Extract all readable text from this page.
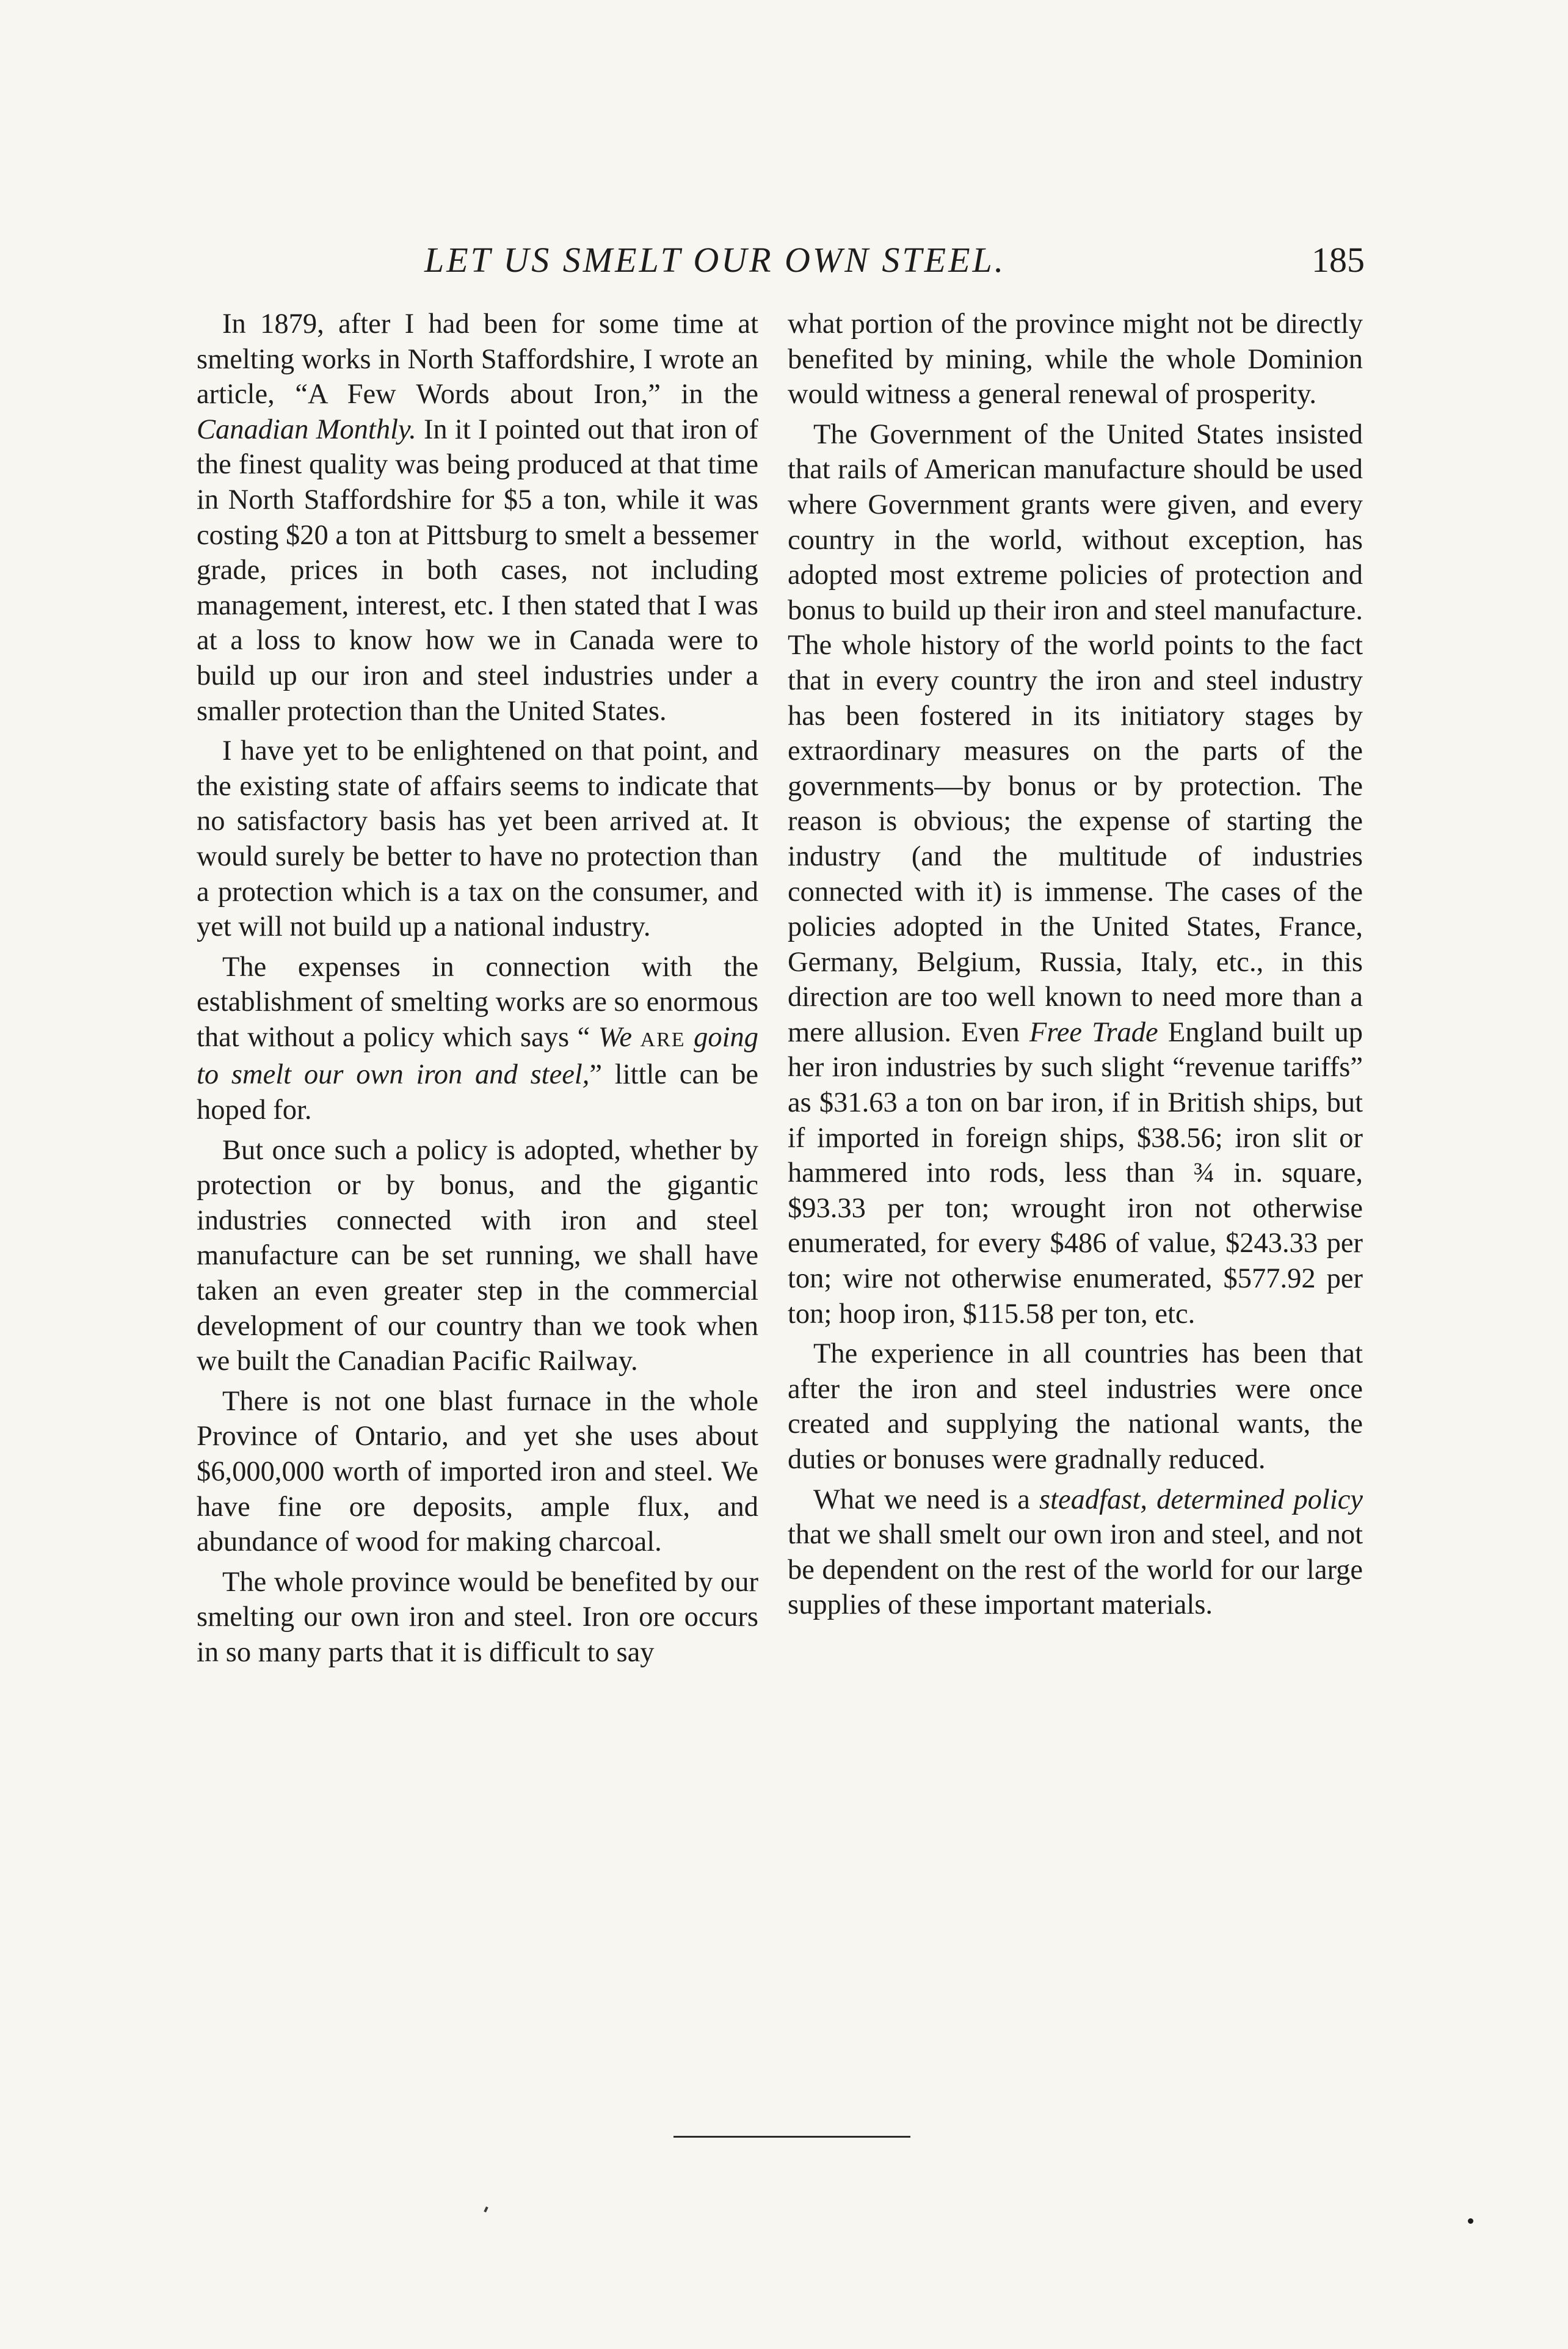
LET US SMELT OUR OWN STEEL.	185

In 1879, after I had been for some time at smelting works in North Staffordshire, I wrote an article, “A Few Words about Iron,” in the Canadian Monthly. In it I pointed out that iron of the finest quality was being produced at that time in North Staffordshire for $5 a ton, while it was costing $20 a ton at Pittsburg to smelt a bessemer grade, prices in both cases, not including management, interest, etc. I then stated that I was at a loss to know how we in Canada were to build up our iron and steel industries under a smaller protection than the United States.

I have yet to be enlightened on that point, and the existing state of affairs seems to indicate that no satisfactory basis has yet been arrived at. It would surely be better to have no protection than a protection which is a tax on the consumer, and yet will not build up a national industry.

The expenses in connection with the establishment of smelting works are so enormous that without a policy which says “ We ARE going to smelt our own iron and steel,” little can be hoped for.

But once such a policy is adopted, whether by protection or by bonus, and the gigantic industries connected with iron and steel manufacture can be set running, we shall have taken an even greater step in the commercial development of our country than we took when we built the Canadian Pacific Railway.

There is not one blast furnace in the whole Province of Ontario, and yet she uses about $6,000,000 worth of imported iron and steel. We have fine ore deposits, ample flux, and abundance of wood for making charcoal.

The whole province would be benefited by our smelting our own iron and steel. Iron ore occurs in so many parts that it is difficult to say

what portion of the province might not be directly benefited by mining, while the whole Dominion would witness a general renewal of prosperity.

The Government of the United States insisted that rails of American manufacture should be used where Government grants were given, and every country in the world, without exception, has adopted most extreme policies of protection and bonus to build up their iron and steel manufacture. The whole history of the world points to the fact that in every country the iron and steel industry has been fostered in its initiatory stages by extraordinary measures on the parts of the governments—by bonus or by protection. The reason is obvious; the expense of starting the industry (and the multitude of industries connected with it) is immense. The cases of the policies adopted in the United States, France, Germany, Belgium, Russia, Italy, etc., in this direction are too well known to need more than a mere allusion. Even Free Trade England built up her iron industries by such slight “revenue tariffs” as $31.63 a ton on bar iron, if in British ships, but if imported in foreign ships, $38.56; iron slit or hammered into rods, less than ¾ in. square, $93.33 per ton; wrought iron not otherwise enumerated, for every $486 of value, $243.33 per ton; wire not otherwise enumerated, $577.92 per ton; hoop iron, $115.58 per ton, etc.

The experience in all countries has been that after the iron and steel industries were once created and supplying the national wants, the duties or bonuses were gradnally reduced.

What we need is a steadfast, determined policy that we shall smelt our own iron and steel, and not be dependent on the rest of the world for our large supplies of these important materials.
